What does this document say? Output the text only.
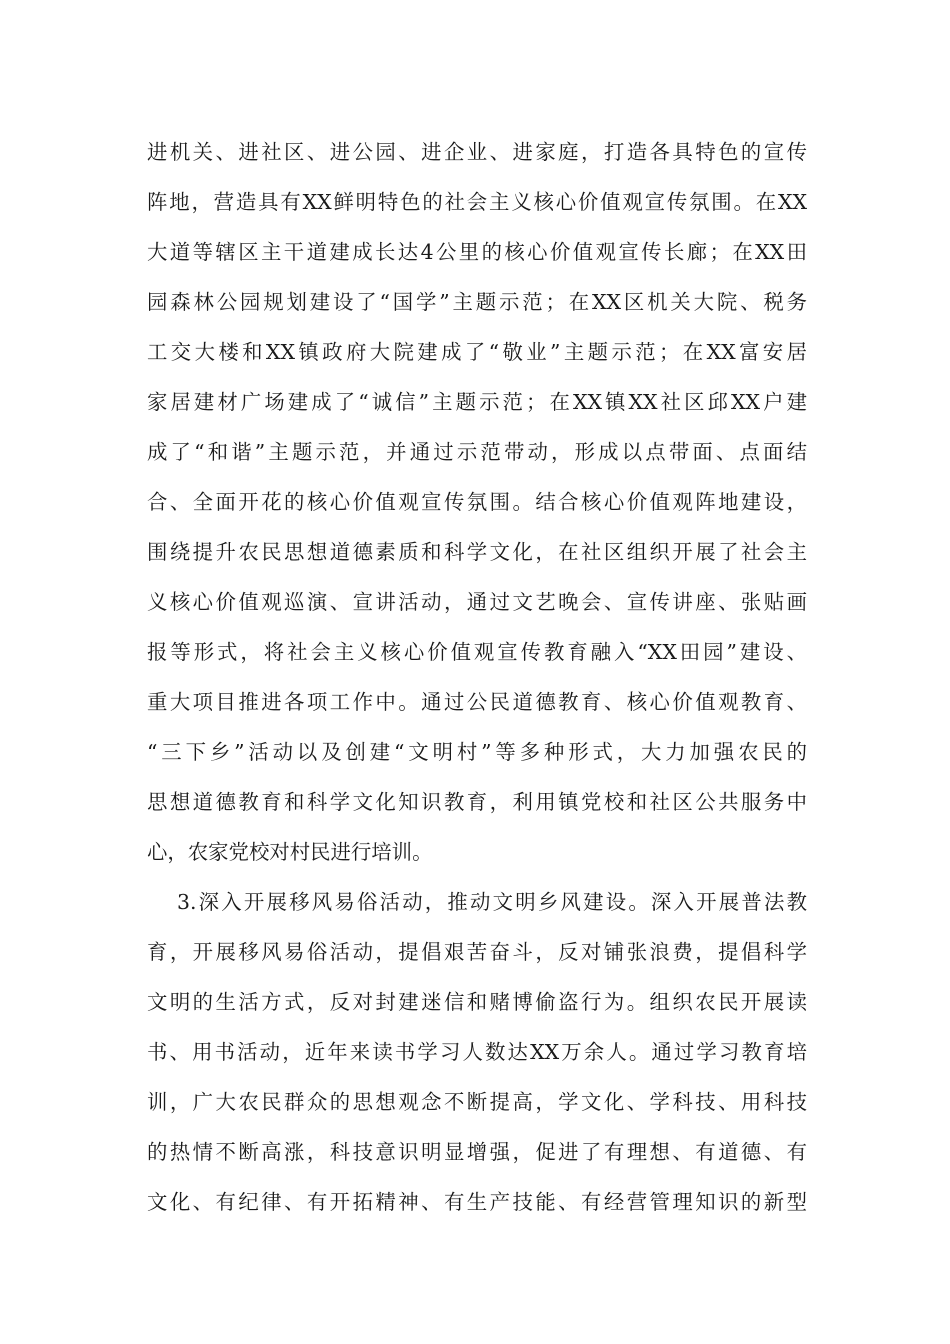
进机关、进社区、进公园、进企业、进家庭，打造各具特色的宣传
阵地，营造具有XX鲜明特色的社会主义核心价值观宣传氛围。在XX
大道等辖区主干道建成长达4公里的核心价值观宣传长廊；在XX田
园森林公园规划建设了“国学”主题示范；在XX区机关大院、税务
工交大楼和XX镇政府大院建成了“敬业”主题示范；在XX富安居
家居建材广场建成了“诚信”主题示范；在XX镇XX社区邱XX户建
成了“和谐”主题示范，并通过示范带动，形成以点带面、点面结
合、全面开花的核心价值观宣传氛围。结合核心价值观阵地建设，
围绕提升农民思想道德素质和科学文化，在社区组织开展了社会主
义核心价值观巡演、宣讲活动，通过文艺晚会、宣传讲座、张贴画
报等形式，将社会主义核心价值观宣传教育融入“XX田园”建设、
重大项目推进各项工作中。通过公民道德教育、核心价值观教育、
“三下乡”活动以及创建“文明村”等多种形式，大力加强农民的
思想道德教育和科学文化知识教育，利用镇党校和社区公共服务中
心，农家党校对村民进行培训。
3.深入开展移风易俗活动，推动文明乡风建设。深入开展普法教
育，开展移风易俗活动，提倡艰苦奋斗，反对铺张浪费，提倡科学
文明的生活方式，反对封建迷信和赌博偷盗行为。组织农民开展读
书、用书活动，近年来读书学习人数达XX万余人。通过学习教育培
训，广大农民群众的思想观念不断提高，学文化、学科技、用科技
的热情不断高涨，科技意识明显增强，促进了有理想、有道德、有
文化、有纪律、有开拓精神、有生产技能、有经营管理知识的新型
